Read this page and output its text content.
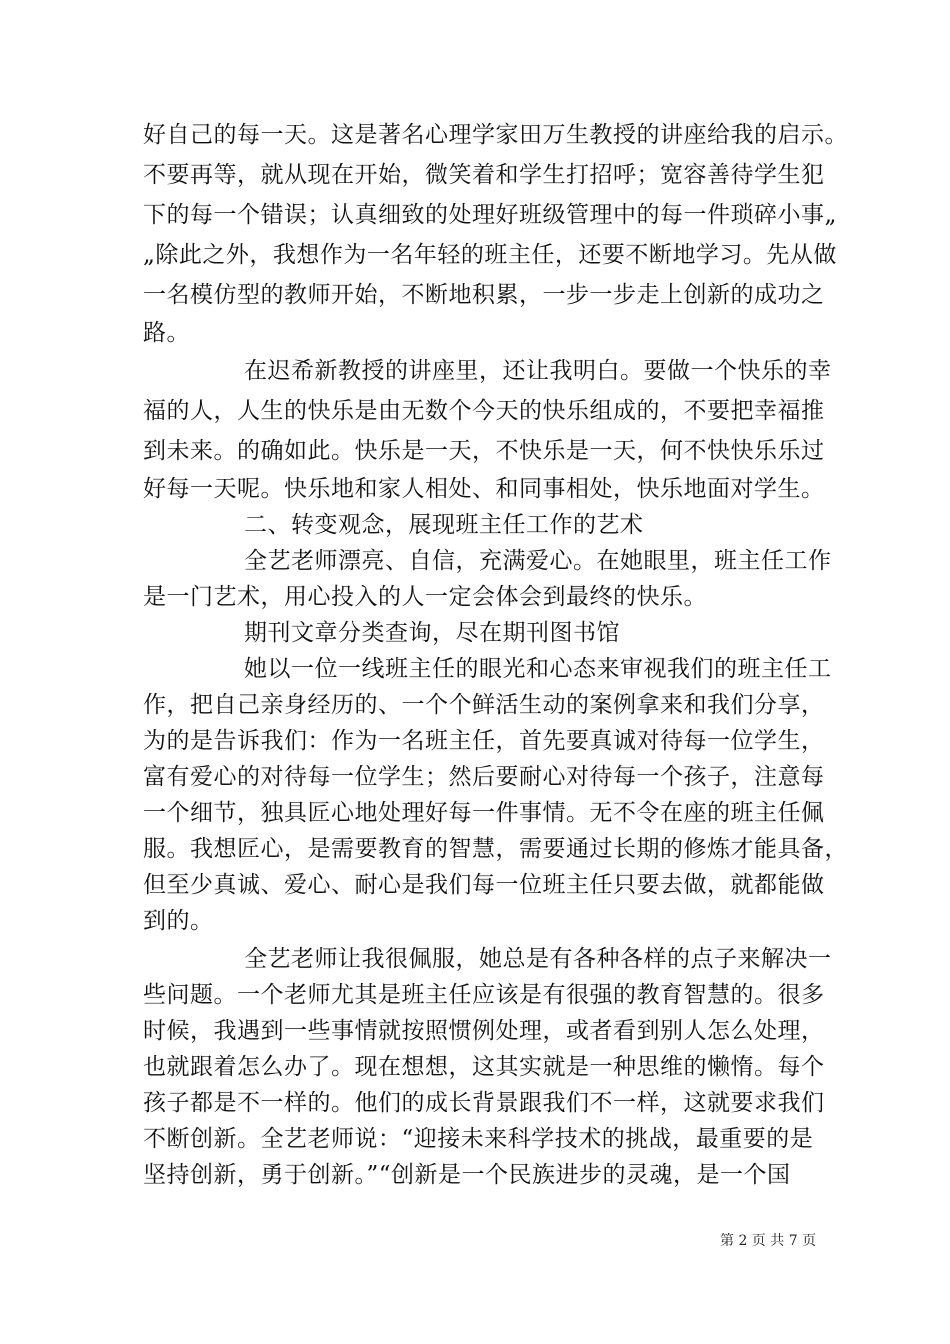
好自己的每一天。这是著名心理学家田万生教授的讲座给我的启示。
不要再等，就从现在开始，微笑着和学生打招呼；宽容善待学生犯
下的每一个错误；认真细致的处理好班级管理中的每一件琐碎小事„
„除此之外，我想作为一名年轻的班主任，还要不断地学习。先从做
一名模仿型的教师开始，不断地积累，一步一步走上创新的成功之
路。
在迟希新教授的讲座里，还让我明白。要做一个快乐的幸
福的人，人生的快乐是由无数个今天的快乐组成的，不要把幸福推
到未来。的确如此。快乐是一天，不快乐是一天，何不快快乐乐过
好每一天呢。快乐地和家人相处、和同事相处，快乐地面对学生。
二、转变观念，展现班主任工作的艺术
全艺老师漂亮、自信，充满爱心。在她眼里，班主任工作
是一门艺术，用心投入的人一定会体会到最终的快乐。
期刊文章分类查询，尽在期刊图书馆
她以一位一线班主任的眼光和心态来审视我们的班主任工
作，把自己亲身经历的、一个个鲜活生动的案例拿来和我们分享，
为的是告诉我们：作为一名班主任，首先要真诚对待每一位学生，
富有爱心的对待每一位学生；然后要耐心对待每一个孩子，注意每
一个细节，独具匠心地处理好每一件事情。无不令在座的班主任佩
服。我想匠心，是需要教育的智慧，需要通过长期的修炼才能具备，
但至少真诚、爱心、耐心是我们每一位班主任只要去做，就都能做
到的。
全艺老师让我很佩服，她总是有各种各样的点子来解决一
些问题。一个老师尤其是班主任应该是有很强的教育智慧的。很多
时候，我遇到一些事情就按照惯例处理，或者看到别人怎么处理，
也就跟着怎么办了。现在想想，这其实就是一种思维的懒惰。每个
孩子都是不一样的。他们的成长背景跟我们不一样，这就要求我们
不断创新。全艺老师说：“迎接未来科学技术的挑战，最重要的是
坚持创新，勇于创新。”“创新是一个民族进步的灵魂，是一个国
第 2 页 共 7 页
